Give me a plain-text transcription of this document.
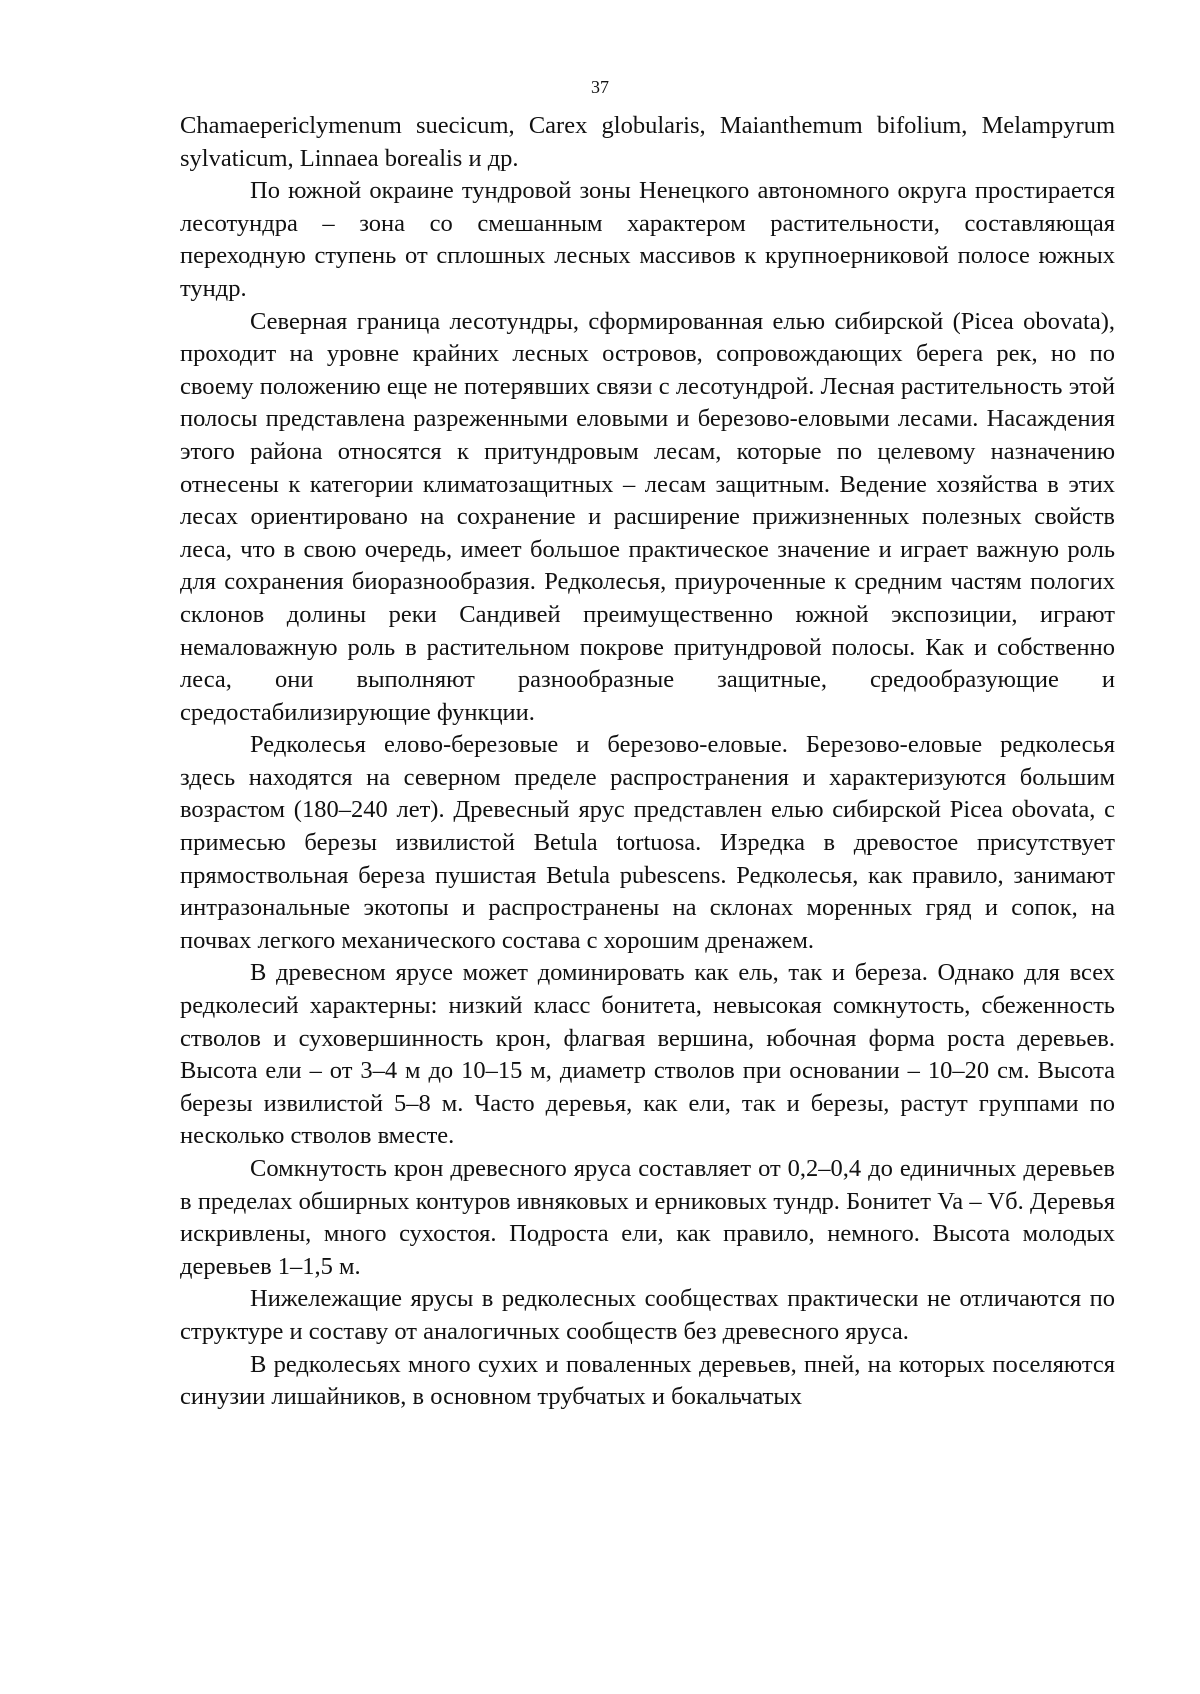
37

Chamaepericlymenum suecicum, Carex globularis, Maianthemum bifolium, Melampyrum sylvaticum, Linnaea borealis и др.

По южной окраине тундровой зоны Ненецкого автономного округа простирается лесотундра – зона со смешанным характером растительности, составляющая переходную ступень от сплошных лесных массивов к крупноерниковой полосе южных тундр.

Северная граница лесотундры, сформированная елью сибирской (Picea obovata), проходит на уровне крайних лесных островов, сопровождающих берега рек, но по своему положению еще не потерявших связи с лесотундрой. Лесная растительность этой полосы представлена разреженными еловыми и березово-еловыми лесами. Насаждения этого района относятся к притундровым лесам, которые по целевому назначению отнесены к категории климатозащитных – лесам защитным. Ведение хозяйства в этих лесах ориентировано на сохранение и расширение прижизненных полезных свойств леса, что в свою очередь, имеет большое практическое значение и играет важную роль для сохранения биоразнообразия. Редколесья, приуроченные к средним частям пологих склонов долины реки Сандивей преимущественно южной экспозиции, играют немаловажную роль в растительном покрове притундровой полосы. Как и собственно леса, они выполняют разнообразные защитные, средообразующие и средостабилизирующие функции.

Редколесья елово-березовые и березово-еловые. Березово-еловые редколесья здесь находятся на северном пределе распространения и характеризуются большим возрастом (180–240 лет). Древесный ярус представлен елью сибирской Picea obovata, с примесью березы извилистой Betula tortuosa. Изредка в древостое присутствует прямоствольная береза пушистая Betula pubescens. Редколесья, как правило, занимают интразональные экотопы и распространены на склонах моренных гряд и сопок, на почвах легкого механического состава с хорошим дренажем.

В древесном ярусе может доминировать как ель, так и береза. Однако для всех редколесий характерны: низкий класс бонитета, невысокая сомкнутость, сбеженность стволов и суховершинность крон, флагвая вершина, юбочная форма роста деревьев. Высота ели – от 3–4 м до 10–15 м, диаметр стволов при основании – 10–20 см. Высота березы извилистой 5–8 м. Часто деревья, как ели, так и березы, растут группами по несколько стволов вместе.

Сомкнутость крон древесного яруса составляет от 0,2–0,4 до единичных деревьев в пределах обширных контуров ивняковых и ерниковых тундр. Бонитет Va – Vб. Деревья искривлены, много сухостоя. Подроста ели, как правило, немного. Высота молодых деревьев 1–1,5 м.

Нижележащие ярусы в редколесных сообществах практически не отличаются по структуре и составу от аналогичных сообществ без древесного яруса.

В редколесьях много сухих и поваленных деревьев, пней, на которых поселяются синузии лишайников, в основном трубчатых и бокальчатых
